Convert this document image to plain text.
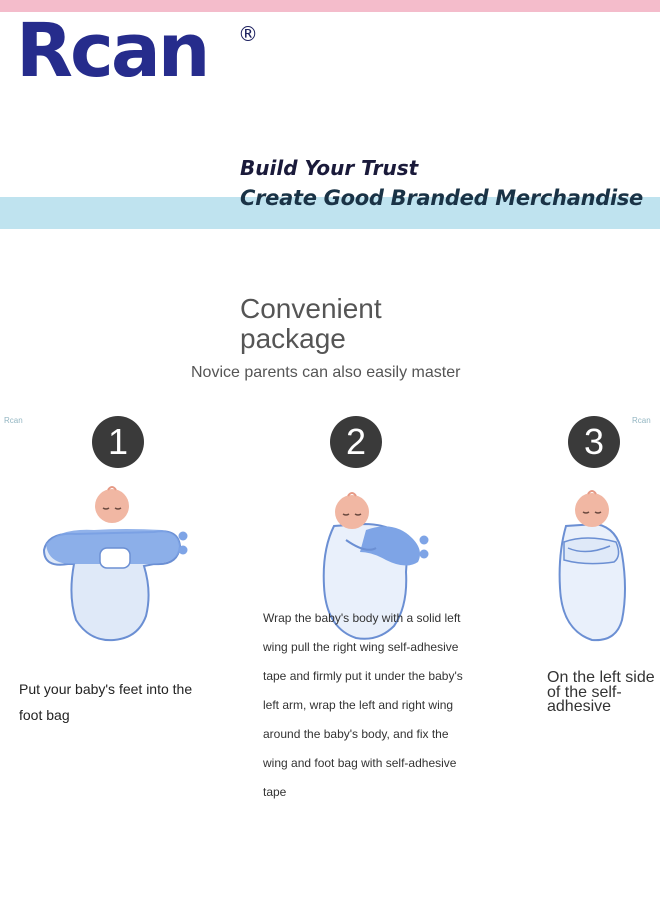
Rcan ®
Rcan	Rcan
Build Your Trust
Create Good Branded Merchandise
Convenient
package
Novice parents can also easily master
1	2	3
Put your baby's feet into the foot bag
Wrap the baby's body with a solid left wing pull the right wing self-adhesive tape and firmly put it under the baby's left arm, wrap the left and right wing around the baby's body, and fix the wing and foot bag with self-adhesive tape
On the left side of the self-adhesive
